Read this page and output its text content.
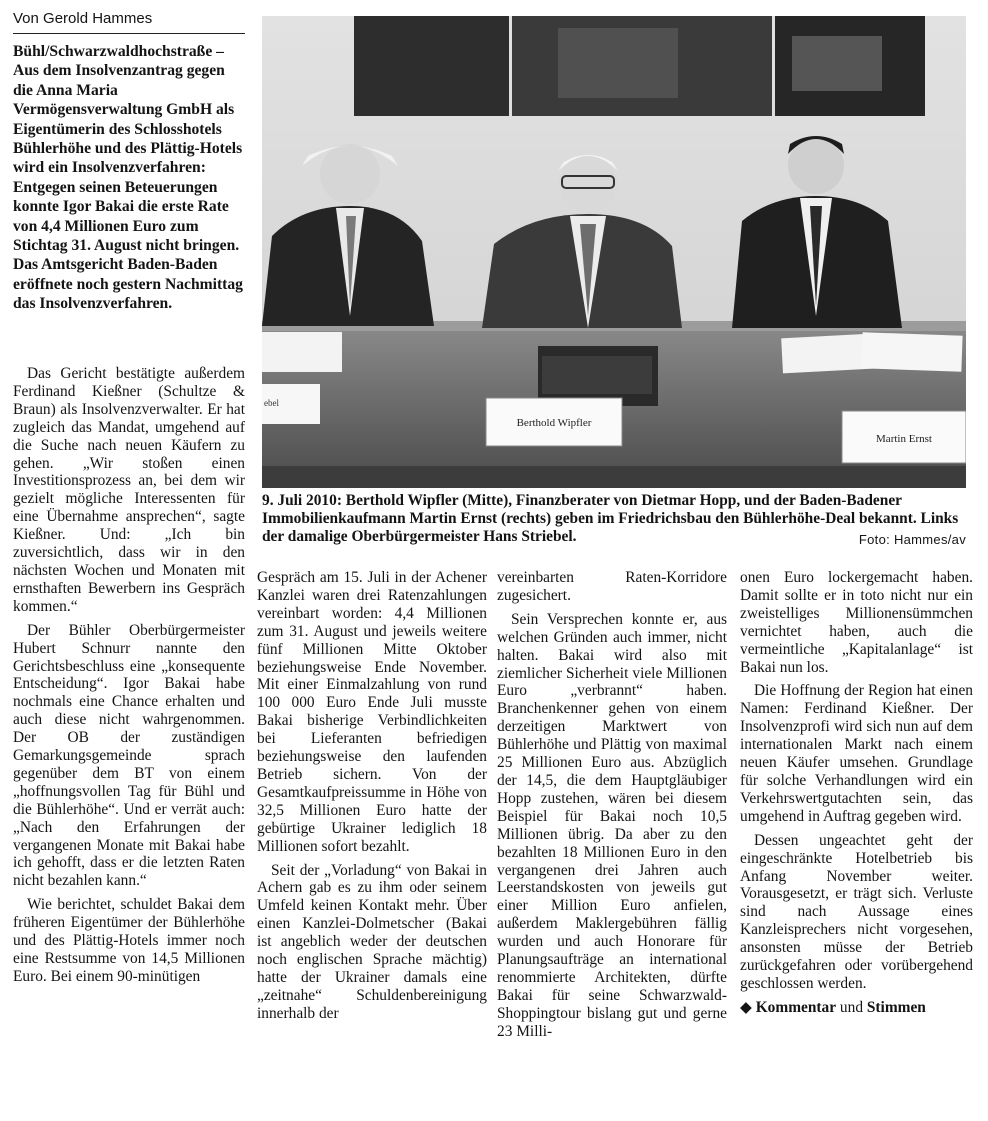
Von Gerold Hammes
Bühl/Schwarzwaldhochstraße – Aus dem Insolvenzantrag gegen die Anna Maria Vermögensverwaltung GmbH als Eigentümerin des Schlosshotels Bühlerhöhe und des Plättig-Hotels wird ein Insolvenzverfahren: Entgegen seinen Beteuerungen konnte Igor Bakai die erste Rate von 4,4 Millionen Euro zum Stichtag 31. August nicht bringen. Das Amtsgericht Baden-Baden eröffnete noch gestern Nachmittag das Insolvenzverfahren.
ebel
Berthold Wipfler
Martin Ernst
9. Juli 2010: Berthold Wipfler (Mitte), Finanzberater von Dietmar Hopp, und der Baden-Badener Immobilienkaufmann Martin Ernst (rechts) geben im Friedrichsbau den Bühlerhöhe-Deal bekannt. Links der damalige Oberbürgermeister Hans Striebel.	Foto: Hammes/av

Das Gericht bestätigte außerdem Ferdinand Kießner (Schultze & Braun) als Insolvenzverwalter. Er hat zugleich das Mandat, umgehend auf die Suche nach neuen Käufern zu gehen. „Wir stoßen einen Investitionsprozess an, bei dem wir gezielt mögliche Interessenten für eine Übernahme ansprechen“, sagte Kießner. Und: „Ich bin zuversichtlich, dass wir in den nächsten Wochen und Monaten mit ernsthaften Bewerbern ins Gespräch kommen.“

Der Bühler Oberbürgermeister Hubert Schnurr nannte den Gerichtsbeschluss eine „konsequente Entscheidung“. Igor Bakai habe nochmals eine Chance erhalten und auch diese nicht wahrgenommen. Der OB der zuständigen Gemarkungsgemeinde sprach gegenüber dem BT von einem „hoffnungsvollen Tag für Bühl und die Bühlerhöhe“. Und er verrät auch: „Nach den Erfahrungen der vergangenen Monate mit Bakai habe ich gehofft, dass er die letzten Raten nicht bezahlen kann.“

Wie berichtet, schuldet Bakai dem früheren Eigentümer der Bühlerhöhe und des Plättig-Hotels immer noch eine Restsumme von 14,5 Millionen Euro. Bei einem 90-minütigen

Gespräch am 15. Juli in der Achener Kanzlei waren drei Ratenzahlungen vereinbart worden: 4,4 Millionen zum 31. August und jeweils weitere fünf Millionen Mitte Oktober beziehungsweise Ende November. Mit einer Einmalzahlung von rund 100 000 Euro Ende Juli musste Bakai bisherige Verbindlichkeiten bei Lieferanten befriedigen beziehungsweise den laufenden Betrieb sichern. Von der Gesamtkaufpreissumme in Höhe von 32,5 Millionen Euro hatte der gebürtige Ukrainer lediglich 18 Millionen sofort bezahlt.

Seit der „Vorladung“ von Bakai in Achern gab es zu ihm oder seinem Umfeld keinen Kontakt mehr. Über einen Kanzlei-Dolmetscher (Bakai ist angeblich weder der deutschen noch englischen Sprache mächtig) hatte der Ukrainer damals eine „zeitnahe“ Schuldenbereinigung innerhalb der

vereinbarten Raten-Korridore zugesichert.

Sein Versprechen konnte er, aus welchen Gründen auch immer, nicht halten. Bakai wird also mit ziemlicher Sicherheit viele Millionen Euro „verbrannt“ haben. Branchenkenner gehen von einem derzeitigen Marktwert von Bühlerhöhe und Plättig von maximal 25 Millionen Euro aus. Abzüglich der 14,5, die dem Hauptgläubiger Hopp zustehen, wären bei diesem Beispiel für Bakai noch 10,5 Millionen übrig. Da aber zu den bezahlten 18 Millionen Euro in den vergangenen drei Jahren auch Leerstandskosten von jeweils gut einer Million Euro anfielen, außerdem Maklergebühren fällig wurden und auch Honorare für Planungsaufträge an international renommierte Architekten, dürfte Bakai für seine Schwarzwald-Shoppingtour bislang gut und gerne 23 Milli-

onen Euro lockergemacht haben. Damit sollte er in toto nicht nur ein zweistelliges Millionensümmchen vernichtet haben, auch die vermeintliche „Kapitalanlage“ ist Bakai nun los.

Die Hoffnung der Region hat einen Namen: Ferdinand Kießner. Der Insolvenzprofi wird sich nun auf dem internationalen Markt nach einem neuen Käufer umsehen. Grundlage für solche Verhandlungen wird ein Verkehrswertgutachten sein, das umgehend in Auftrag gegeben wird.

Dessen ungeachtet geht der eingeschränkte Hotelbetrieb bis Anfang November weiter. Vorausgesetzt, er trägt sich. Verluste sind nach Aussage eines Kanzleisprechers nicht vorgesehen, ansonsten müsse der Betrieb zurückgefahren oder vorübergehend geschlossen werden.

◆ Kommentar und Stimmen
